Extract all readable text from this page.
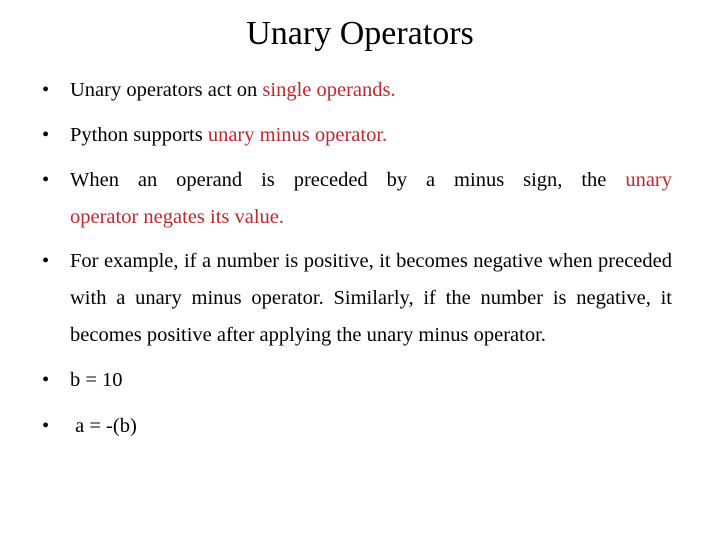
Unary Operators
• Unary operators act on single operands.
• Python supports unary minus operator.
• When an operand is preceded by a minus sign, the unary
operator negates its value.
• For example, if a number is positive, it becomes negative when preceded with a unary minus operator. Similarly, if the number is negative, it becomes positive after applying the unary minus operator.
• b = 10
• a = -(b)
